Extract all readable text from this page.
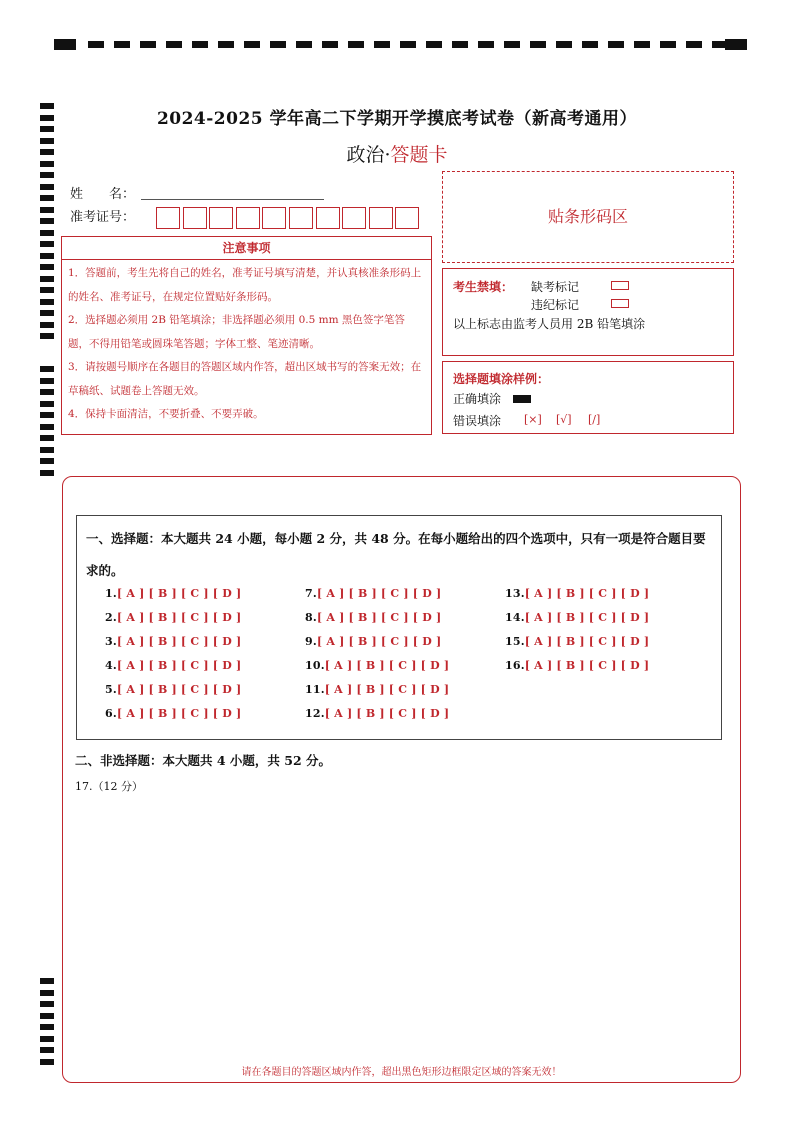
2024-2025 学年高二下学期开学摸底考试卷（新高考通用）
政治·答题卡
姓　　名：
准考证号：	贴条形码区
注意事项
1．答题前，考生先将自己的姓名，准考证号填写清楚，并认真核准条形码上的姓名、准考证号，在规定位置贴好条形码。
2．选择题必须用 2B 铅笔填涂；非选择题必须用 0.5 mm 黑色签字笔答题，不得用铅笔或圆珠笔答题；字体工整、笔迹清晰。
3．请按题号顺序在各题目的答题区域内作答，超出区域书写的答案无效；在草稿纸、试题卷上答题无效。
4．保持卡面清洁，不要折叠、不要弄破。
考生禁填： 缺考标记
违纪标记
以上标志由监考人员用 2B 铅笔填涂
选择题填涂样例：
正确填涂
错误填涂 [×] [√] [/]
一、选择题：本大题共 24 小题，每小题 2 分，共 48 分。在每小题给出的四个选项中，只有一项是符合题目要求的。
1.[ A ] [ B ] [ C ] [ D ]
2.[ A ] [ B ] [ C ] [ D ]
3.[ A ] [ B ] [ C ] [ D ]
4.[ A ] [ B ] [ C ] [ D ]
5.[ A ] [ B ] [ C ] [ D ]
6.[ A ] [ B ] [ C ] [ D ]
7.[ A ] [ B ] [ C ] [ D ]
8.[ A ] [ B ] [ C ] [ D ]
9.[ A ] [ B ] [ C ] [ D ]
10.[ A ] [ B ] [ C ] [ D ]
11.[ A ] [ B ] [ C ] [ D ]
12.[ A ] [ B ] [ C ] [ D ]
13.[ A ] [ B ] [ C ] [ D ]
14.[ A ] [ B ] [ C ] [ D ]
15.[ A ] [ B ] [ C ] [ D ]
16.[ A ] [ B ] [ C ] [ D ]
二、非选择题：本大题共 4 小题，共 52 分。
17.（12 分）
请在各题目的答题区域内作答，超出黑色矩形边框限定区域的答案无效！
